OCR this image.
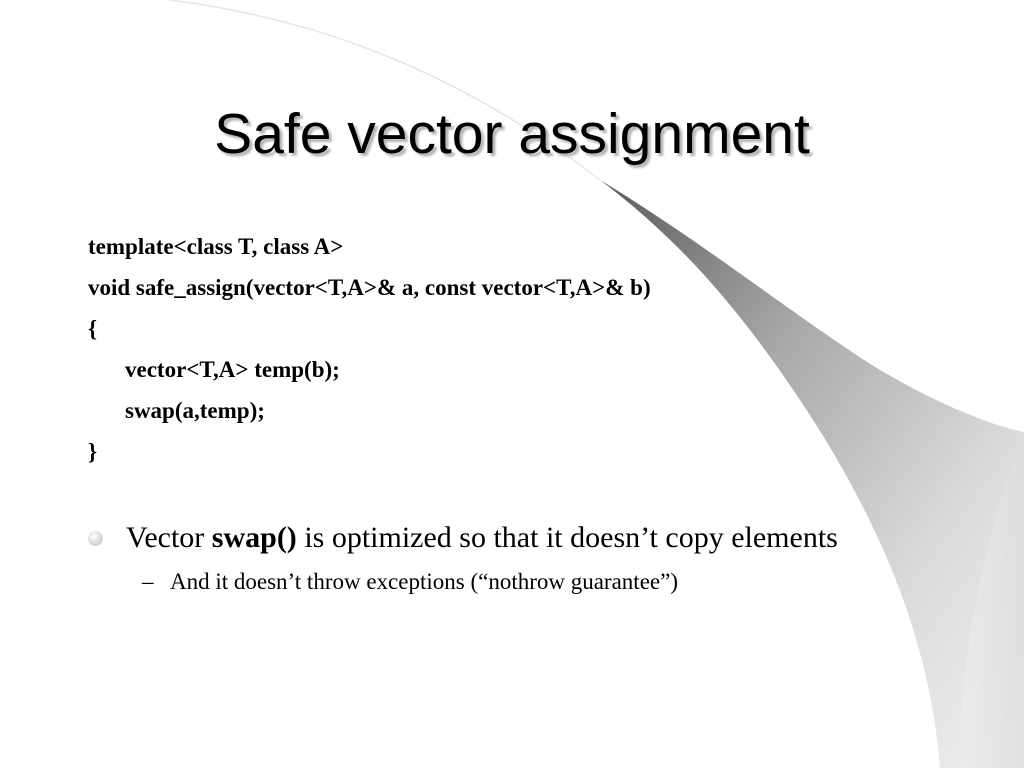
Safe vector assignment
template<class T, class A>
void safe_assign(vector<T,A>& a, const vector<T,A>& b)
{
vector<T,A> temp(b);
swap(a,temp);
}
Vector swap() is optimized so that it doesn’t copy elements
– And it doesn’t throw exceptions (“nothrow guarantee”)
